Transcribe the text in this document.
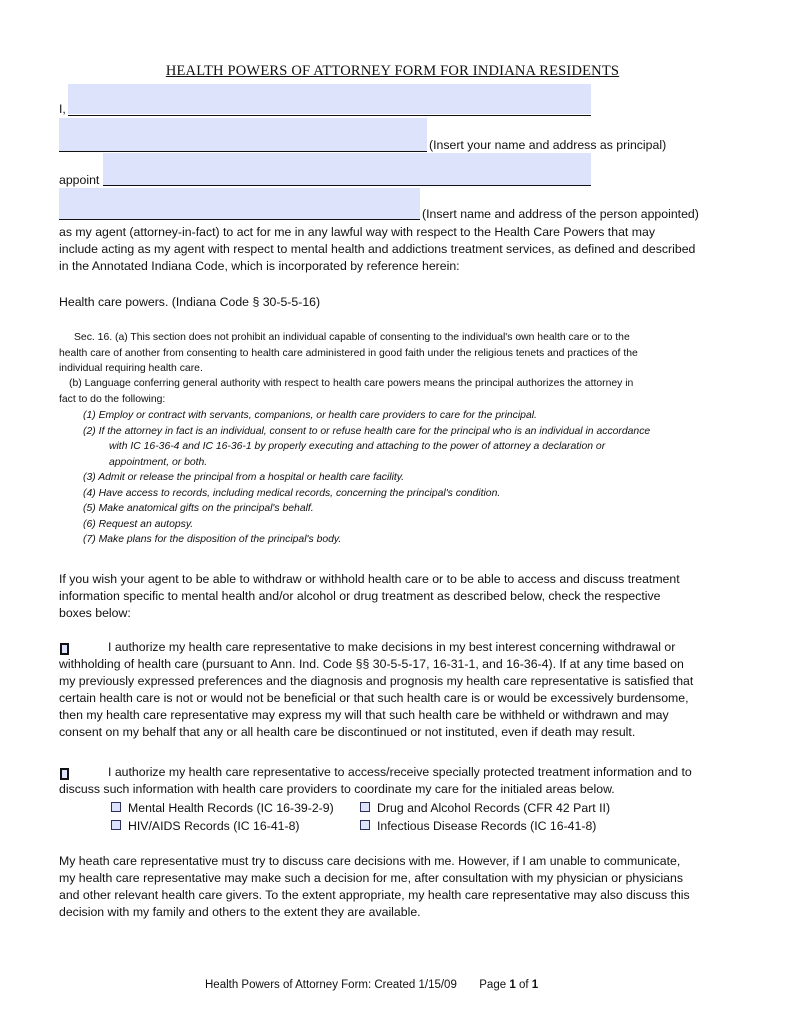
HEALTH POWERS OF ATTORNEY FORM FOR INDIANA RESIDENTS
I,
(Insert your name and address as principal)
appoint
(Insert name and address of the person appointed)
as my agent (attorney-in-fact) to act for me in any lawful way with respect to the Health Care Powers that may
include acting as my agent with respect to mental health and addictions treatment services, as defined and described
in the Annotated Indiana Code, which is incorporated by reference herein:
Health care powers. (Indiana Code § 30-5-5-16)
Sec. 16. (a) This section does not prohibit an individual capable of consenting to the individual's own health care or to the
health care of another from consenting to health care administered in good faith under the religious tenets and practices of the
individual requiring health care.
(b) Language conferring general authority with respect to health care powers means the principal authorizes the attorney in
fact to do the following:
(1) Employ or contract with servants, companions, or health care providers to care for the principal.
(2) If the attorney in fact is an individual, consent to or refuse health care for the principal who is an individual in accordance
with IC 16-36-4 and IC 16-36-1 by properly executing and attaching to the power of attorney a declaration or
appointment, or both.
(3) Admit or release the principal from a hospital or health care facility.
(4) Have access to records, including medical records, concerning the principal's condition.
(5) Make anatomical gifts on the principal's behalf.
(6) Request an autopsy.
(7) Make plans for the disposition of the principal's body.
If you wish your agent to be able to withdraw or withhold health care or to be able to access and discuss treatment
information specific to mental health and/or alcohol or drug treatment as described below, check the respective
boxes below:
I authorize my health care representative to make decisions in my best interest concerning withdrawal or
withholding of health care (pursuant to Ann. Ind. Code §§ 30-5-5-17, 16-31-1, and 16-36-4). If at any time based on
my previously expressed preferences and the diagnosis and prognosis my health care representative is satisfied that
certain health care is not or would not be beneficial or that such health care is or would be excessively burdensome,
then my health care representative may express my will that such health care be withheld or withdrawn and may
consent on my behalf that any or all health care be discontinued or not instituted, even if death may result.
I authorize my health care representative to access/receive specially protected treatment information and to
discuss such information with health care providers to coordinate my care for the initialed areas below.
Mental Health Records (IC 16-39-2-9)	Drug and Alcohol Records (CFR 42 Part II)
HIV/AIDS Records (IC 16-41-8)	Infectious Disease Records (IC 16-41-8)
My heath care representative must try to discuss care decisions with me. However, if I am unable to communicate,
my health care representative may make such a decision for me, after consultation with my physician or physicians
and other relevant health care givers. To the extent appropriate, my health care representative may also discuss this
decision with my family and others to the extent they are available.
Health Powers of Attorney Form: Created 1/15/09 Page 1 of 1
